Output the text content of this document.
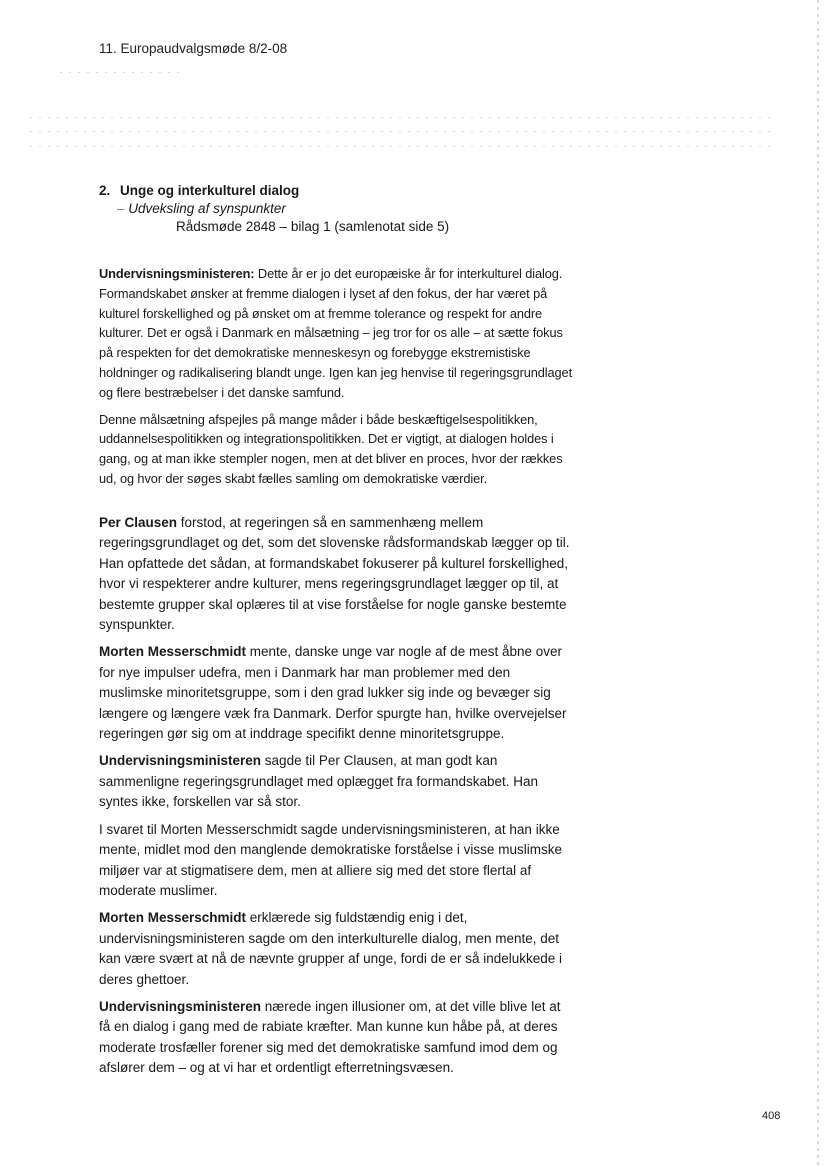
11. Europaudvalgsmøde 8/2-08

2. Unge og interkulturel dialog

– Udveksling af synspunkter

Rådsmøde 2848 – bilag 1 (samlenotat side 5)

Undervisningsministeren: Dette år er jo det europæiske år for interkulturel dialog. Formandskabet ønsker at fremme dialogen i lyset af den fokus, der har været på kulturel forskellighed og på ønsket om at fremme tolerance og respekt for andre kulturer. Det er også i Danmark en målsætning – jeg tror for os alle – at sætte fokus på respekten for det demokratiske menneskesyn og forebygge ekstremistiske holdninger og radikalisering blandt unge. Igen kan jeg henvise til regeringsgrundlaget og flere bestræbelser i det danske samfund.

Denne målsætning afspejles på mange måder i både beskæftigelsespolitikken, uddannelsespolitikken og integrationspolitikken. Det er vigtigt, at dialogen holdes i gang, og at man ikke stempler nogen, men at det bliver en proces, hvor der rækkes ud, og hvor der søges skabt fælles samling om demokratiske værdier.

Per Clausen forstod, at regeringen så en sammenhæng mellem regeringsgrundlaget og det, som det slovenske rådsformandskab lægger op til. Han opfattede det sådan, at formandskabet fokuserer på kulturel forskellighed, hvor vi respekterer andre kulturer, mens regeringsgrundlaget lægger op til, at bestemte grupper skal oplæres til at vise forståelse for nogle ganske bestemte synspunkter.

Morten Messerschmidt mente, danske unge var nogle af de mest åbne over for nye impulser udefra, men i Danmark har man problemer med den muslimske minoritetsgruppe, som i den grad lukker sig inde og bevæger sig længere og længere væk fra Danmark. Derfor spurgte han, hvilke overvejelser regeringen gør sig om at inddrage specifikt denne minoritetsgruppe.

Undervisningsministeren sagde til Per Clausen, at man godt kan sammenligne regeringsgrundlaget med oplægget fra formandskabet. Han syntes ikke, forskellen var så stor.

I svaret til Morten Messerschmidt sagde undervisningsministeren, at han ikke mente, midlet mod den manglende demokratiske forståelse i visse muslimske miljøer var at stigmatisere dem, men at alliere sig med det store flertal af moderate muslimer.

Morten Messerschmidt erklærede sig fuldstændig enig i det, undervisningsministeren sagde om den interkulturelle dialog, men mente, det kan være svært at nå de nævnte grupper af unge, fordi de er så indelukkede i deres ghettoer.

Undervisningsministeren nærede ingen illusioner om, at det ville blive let at få en dialog i gang med de rabiate kræfter. Man kunne kun håbe på, at deres moderate trosfæller forener sig med det demokratiske samfund imod dem og afslører dem – og at vi har et ordentligt efterretningsvæsen.

408
